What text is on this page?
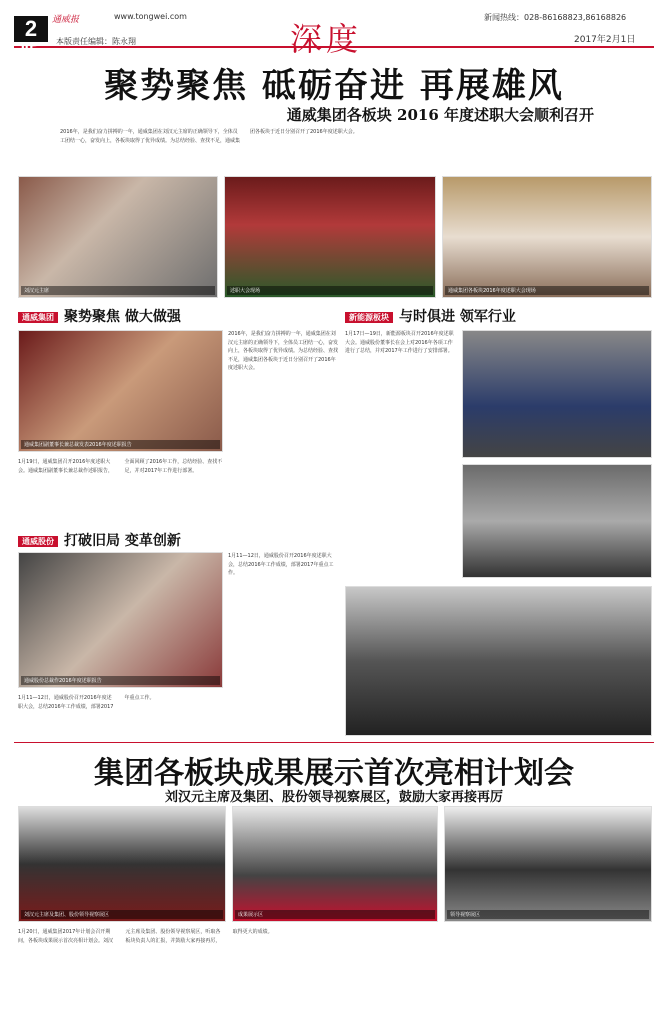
2版
通威报	www.tongwei.com
本版责任编辑：陈永翔	深度
新闻热线：028-86168823,86168826
2017年2月1日
聚势聚焦 砥砺奋进 再展雄风
通威集团各板块 2016 年度述职大会顺利召开
2016年，是我们奋力拼搏的一年，通威集团在刘汉元主席的正确领导下，全体员工团结一心，奋发向上，各板块取得了优异成绩。为总结经验、查找不足，通威集团各板块于近日分别召开了2016年度述职大会。
刘汉元主席	述职大会现场	通威集团各板块2016年度述职大会现场
通威集团 聚势聚焦 做大做强
通威集团副董事长兼总裁发表2016年度述职报告
1月19日，通威集团召开2016年度述职大会。通威集团副董事长兼总裁作述职报告，全面回顾了2016年工作，总结经验、查找不足，并对2017年工作进行部署。
2016年，是我们奋力拼搏的一年，通威集团在刘汉元主席的正确领导下，全体员工团结一心，奋发向上，各板块取得了优异成绩。为总结经验、查找不足，通威集团各板块于近日分别召开了2016年度述职大会。
新能源板块 与时俱进 领军行业
1月17日—19日，新能源板块召开2016年度述职大会。通威股份董事长在会上对2016年各项工作进行了总结，并对2017年工作进行了安排部署。
通威股份 打破旧局 变革创新
通威股份总裁作2016年度述职报告
1月11—12日，通威股份召开2016年度述职大会，总结2016年工作成绩，部署2017年重点工作。
1月11—12日，通威股份召开2016年度述职大会，总结2016年工作成绩，部署2017年重点工作。
集团各板块成果展示首次亮相计划会
刘汉元主席及集团、股份领导视察展区，鼓励大家再接再厉
刘汉元主席及集团、股份领导视察展区	成果展示区	领导视察展区
1月20日，通威集团2017年计划会召开期间，各板块成果展示首次亮相计划会。刘汉元主席及集团、股份领导视察展区，听取各板块负责人的汇报，并鼓励大家再接再厉，取得更大的成绩。
